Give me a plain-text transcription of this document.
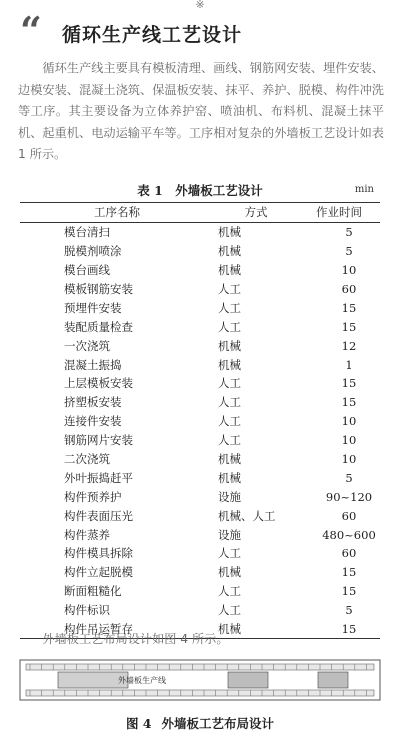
※
“ 循环生产线工艺设计

循环生产线主要具有模板清理、画线、钢筋网安装、埋件安装、边模安装、混凝土浇筑、保温板安装、抹平、养护、脱模、构件冲洗等工序。其主要设备为立体养护窑、喷油机、布料机、混凝土抹平机、起重机、电动运输平车等。工序相对复杂的外墙板工艺设计如表 1 所示。

表 1　外墙板工艺设计	min
工序名称	方式	作业时间
模台清扫	机械	5
脱模剂喷涂	机械	5
模台画线	机械	10
模板钢筋安装	人工	60
预埋件安装	人工	15
装配质量检查	人工	15
一次浇筑	机械	12
混凝土振捣	机械	1
上层模板安装	人工	15
挤塑板安装	人工	15
连接件安装	人工	10
钢筋网片安装	人工	10
二次浇筑	机械	10
外叶振捣赶平	机械	5
构件预养护	设施	90~120
构件表面压光	机械、人工	60
构件蒸养	设施	480~600
构件模具拆除	人工	60
构件立起脱模	机械	15
断面粗糙化	人工	15
构件标识	人工	5
构件吊运暂存	机械	15

外墙板工艺布局设计如图 4 所示。

外墙板生产线
图 4 外墙板工艺布局设计
